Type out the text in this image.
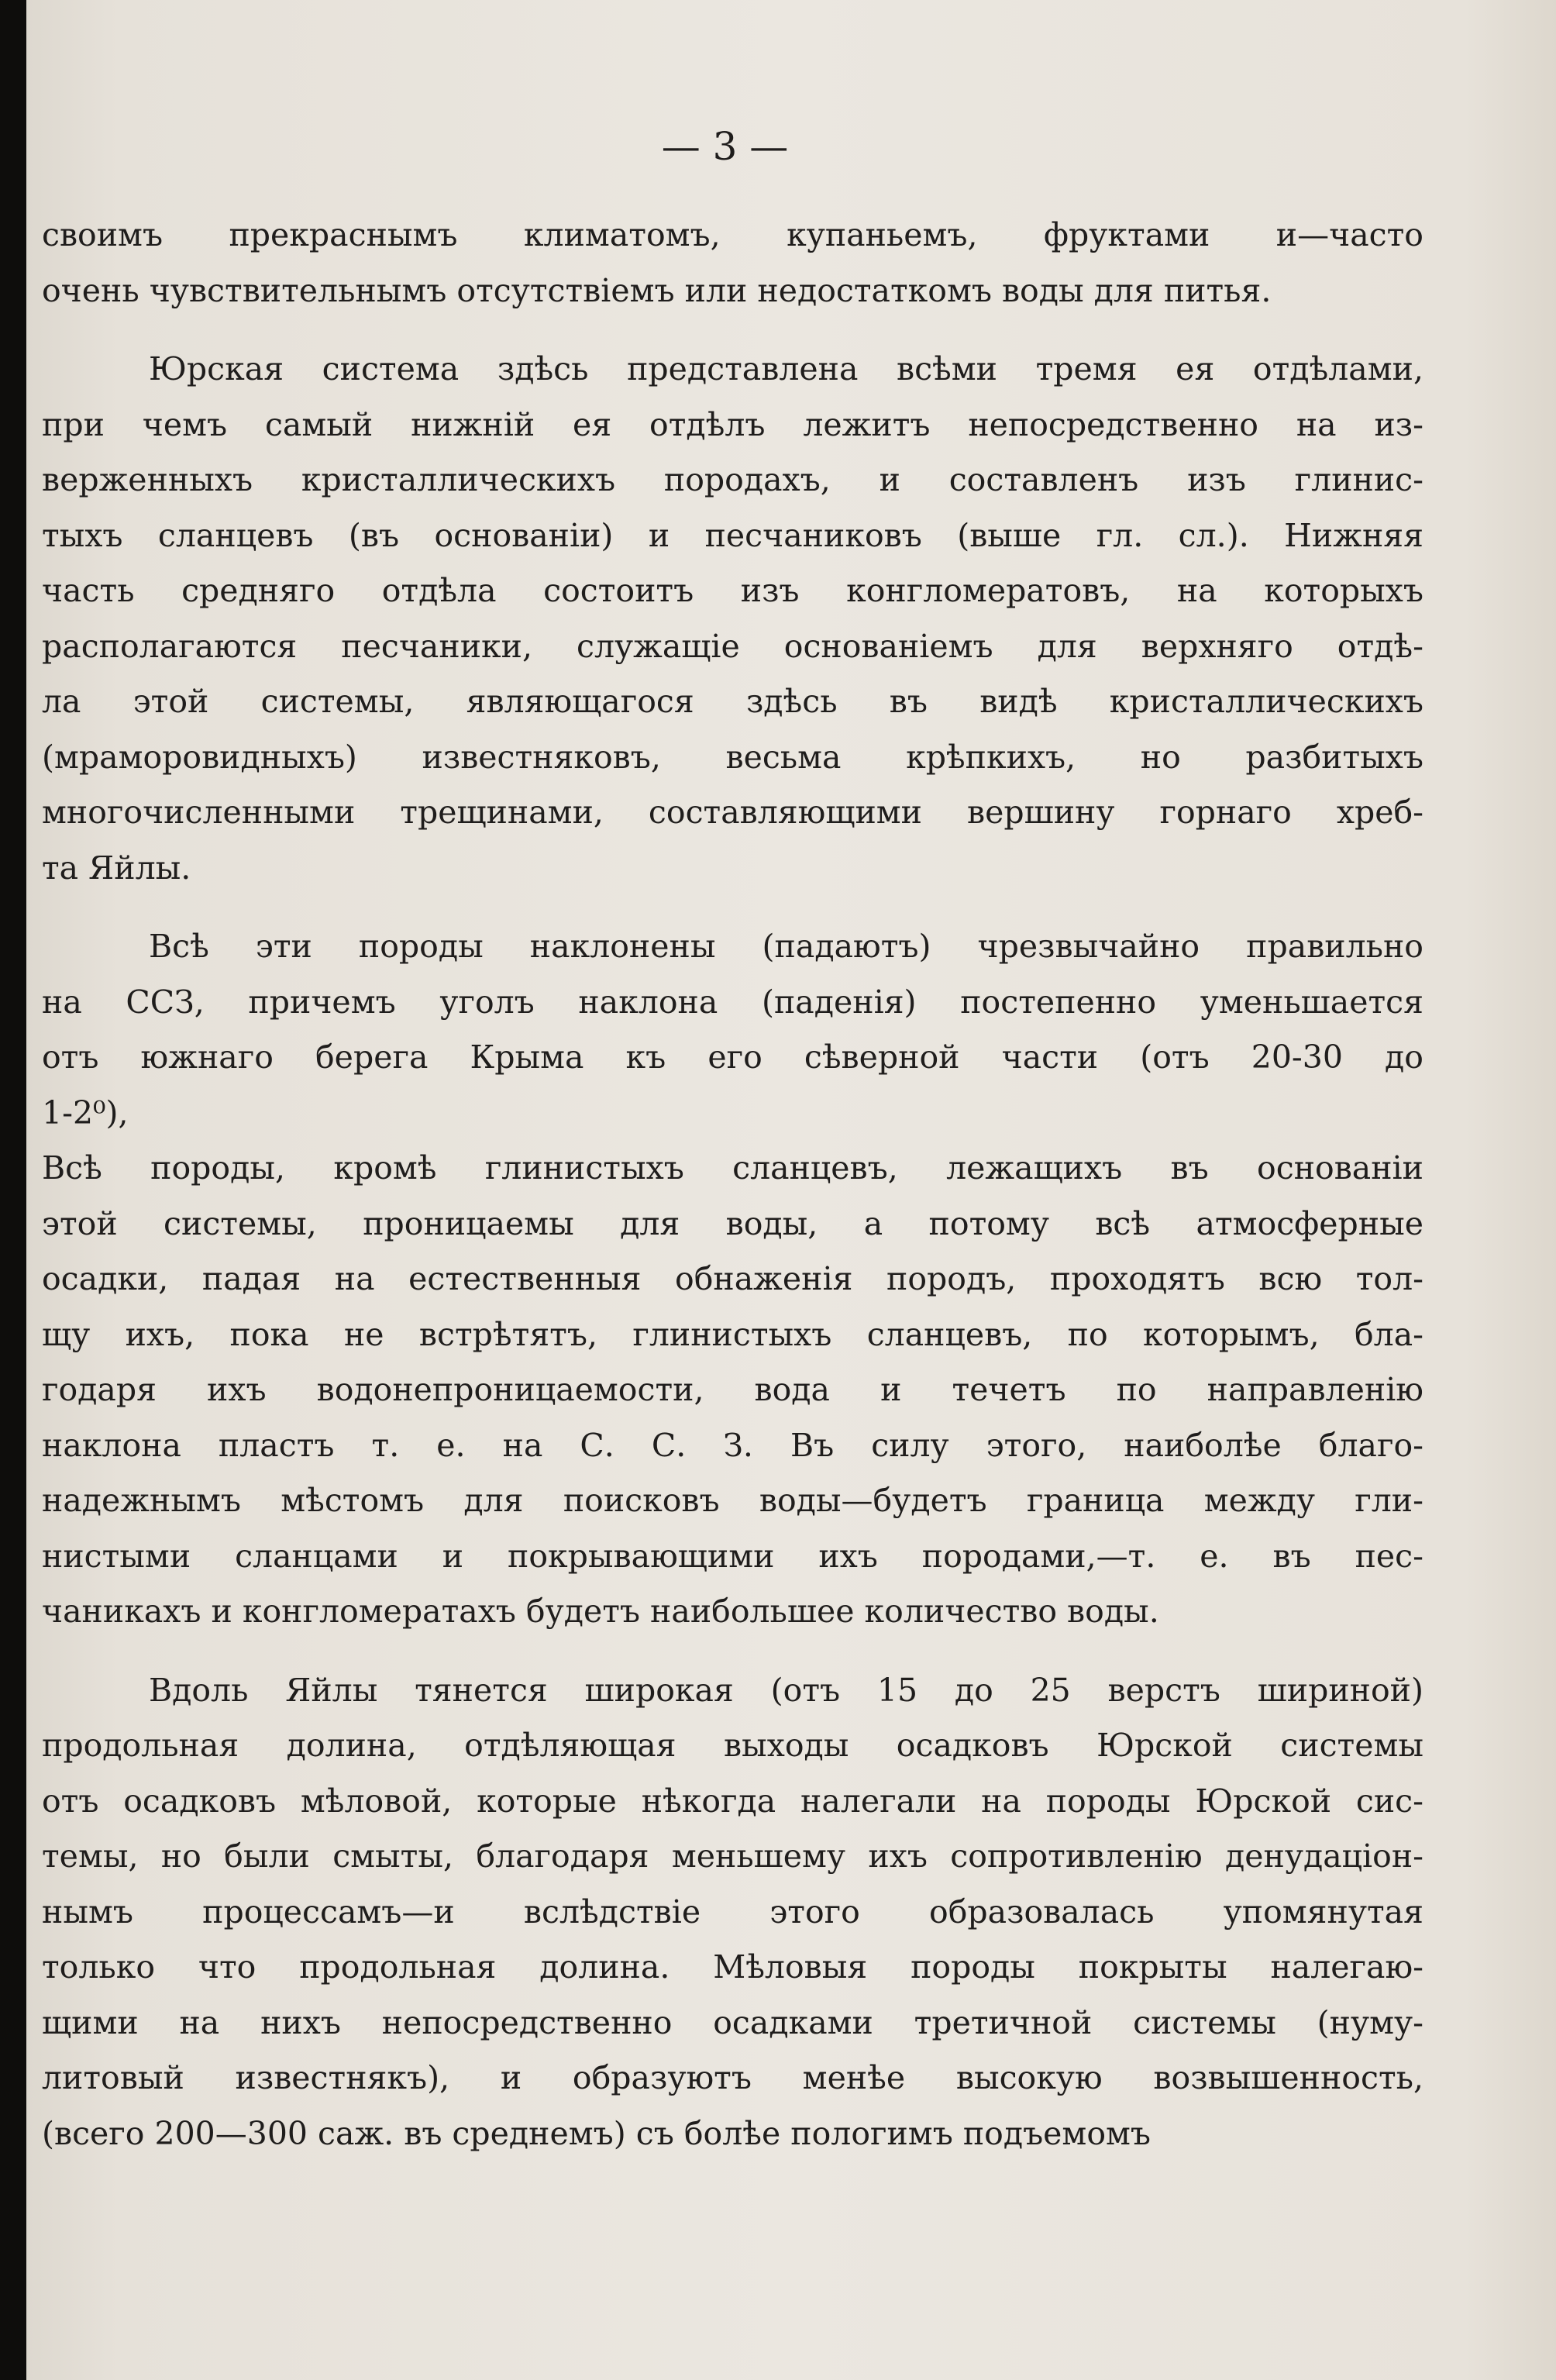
— 3 —
своимъ прекраснымъ климатомъ, купаньемъ, фруктами и—часто
очень чувствительнымъ отсутствіемъ или недостаткомъ воды для питья.
Юрская система здѣсь представлена всѣми тремя ея отдѣлами,
при чемъ самый нижній ея отдѣлъ лежитъ непосредственно на из-
верженныхъ кристаллическихъ породахъ, и составленъ изъ глинис-
тыхъ сланцевъ (въ основаніи) и песчаниковъ (выше гл. сл.). Нижняя
часть средняго отдѣла состоитъ изъ конгломератовъ, на которыхъ
располагаются песчаники, служащіе основаніемъ для верхняго отдѣ-
ла этой системы, являющагося здѣсь въ видѣ кристаллическихъ
(мраморовидныхъ) известняковъ, весьма крѣпкихъ, но разбитыхъ
многочисленными трещинами, составляющими вершину горнаго хреб-
та Яйлы.
Всѣ эти породы наклонены (падаютъ) чрезвычайно правильно
на ССЗ, причемъ уголъ наклона (паденія) постепенно уменьшается
отъ южнаго берега Крыма къ его сѣверной части (отъ 20-30 до
1-2⁰),
Всѣ породы, кромѣ глинистыхъ сланцевъ, лежащихъ въ основаніи
этой системы, проницаемы для воды, а потому всѣ атмосферные
осадки, падая на естественныя обнаженія породъ, проходятъ всю тол-
щу ихъ, пока не встрѣтятъ, глинистыхъ сланцевъ, по которымъ, бла-
годаря ихъ водонепроницаемости, вода и течетъ по направленію
наклона пластъ т. е. на С. С. З. Въ силу этого, наиболѣе благо-
надежнымъ мѣстомъ для поисковъ воды—будетъ граница между гли-
нистыми сланцами и покрывающими ихъ породами,—т. е. въ пес-
чаникахъ и конгломератахъ будетъ наибольшее количество воды.
Вдоль Яйлы тянется широкая (отъ 15 до 25 верстъ шириной)
продольная долина, отдѣляющая выходы осадковъ Юрской системы
отъ осадковъ мѣловой, которые нѣкогда налегали на породы Юрской сис-
темы, но были смыты, благодаря меньшему ихъ сопротивленію денудаціон-
нымъ процессамъ—и вслѣдствіе этого образовалась упомянутая
только что продольная долина. Мѣловыя породы покрыты налегаю-
щими на нихъ непосредственно осадками третичной системы (нуму-
литовый известнякъ), и образуютъ менѣе высокую возвышенность,
(всего 200—300 саж. въ среднемъ) съ болѣе пологимъ подъемомъ
